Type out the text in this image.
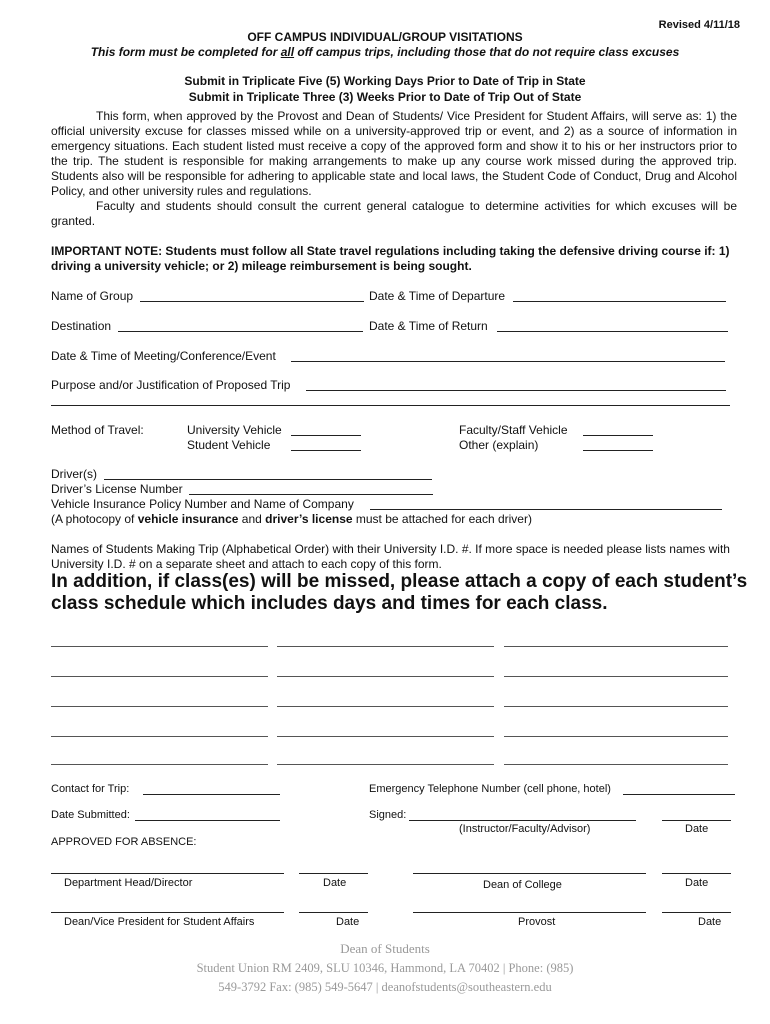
Revised 4/11/18
OFF CAMPUS INDIVIDUAL/GROUP VISITATIONS
This form must be completed for all off campus trips, including those that do not require class excuses
Submit in Triplicate Five (5) Working Days Prior to Date of Trip in State
Submit in Triplicate Three (3) Weeks Prior to Date of Trip Out of State

This form, when approved by the Provost and Dean of Students/ Vice President for Student Affairs, will serve as: 1) the official university excuse for classes missed while on a university-approved trip or event, and 2) as a source of information in emergency situations. Each student listed must receive a copy of the approved form and show it to his or her instructors prior to the trip. The student is responsible for making arrangements to make up any course work missed during the approved trip. Students also will be responsible for adhering to applicable state and local laws, the Student Code of Conduct, Drug and Alcohol Policy, and other university rules and regulations.

Faculty and students should consult the current general catalogue to determine activities for which excuses will be granted.

IMPORTANT NOTE: Students must follow all State travel regulations including taking the defensive driving course if: 1) driving a university vehicle; or 2) mileage reimbursement is being sought.
Name of Group	Date & Time of Departure
Destination	Date & Time of Return
Date & Time of Meeting/Conference/Event
Purpose and/or Justification of Proposed Trip
Method of Travel:	University Vehicle
Student Vehicle
Faculty/Staff Vehicle
Other (explain)
Driver(s)
Driver’s License Number
Vehicle Insurance Policy Number and Name of Company
(A photocopy of vehicle insurance and driver’s license must be attached for each driver)
Names of Students Making Trip (Alphabetical Order) with their University I.D. #. If more space is needed please lists names with University I.D. # on a separate sheet and attach to each copy of this form.
In addition, if class(es) will be missed, please attach a copy of each student’s class schedule which includes days and times for each class.
Contact for Trip:	Emergency Telephone Number (cell phone, hotel)
Date Submitted:	Signed:
(Instructor/Faculty/Advisor)	Date
APPROVED FOR ABSENCE:
Department Head/Director	Date	Dean of College	Date
Dean/Vice President for Student Affairs	Date	Provost	Date
Dean of Students
Student Union RM 2409, SLU 10346, Hammond, LA 70402 | Phone: (985)
549-3792 Fax: (985) 549-5647 | deanofstudents@southeastern.edu
